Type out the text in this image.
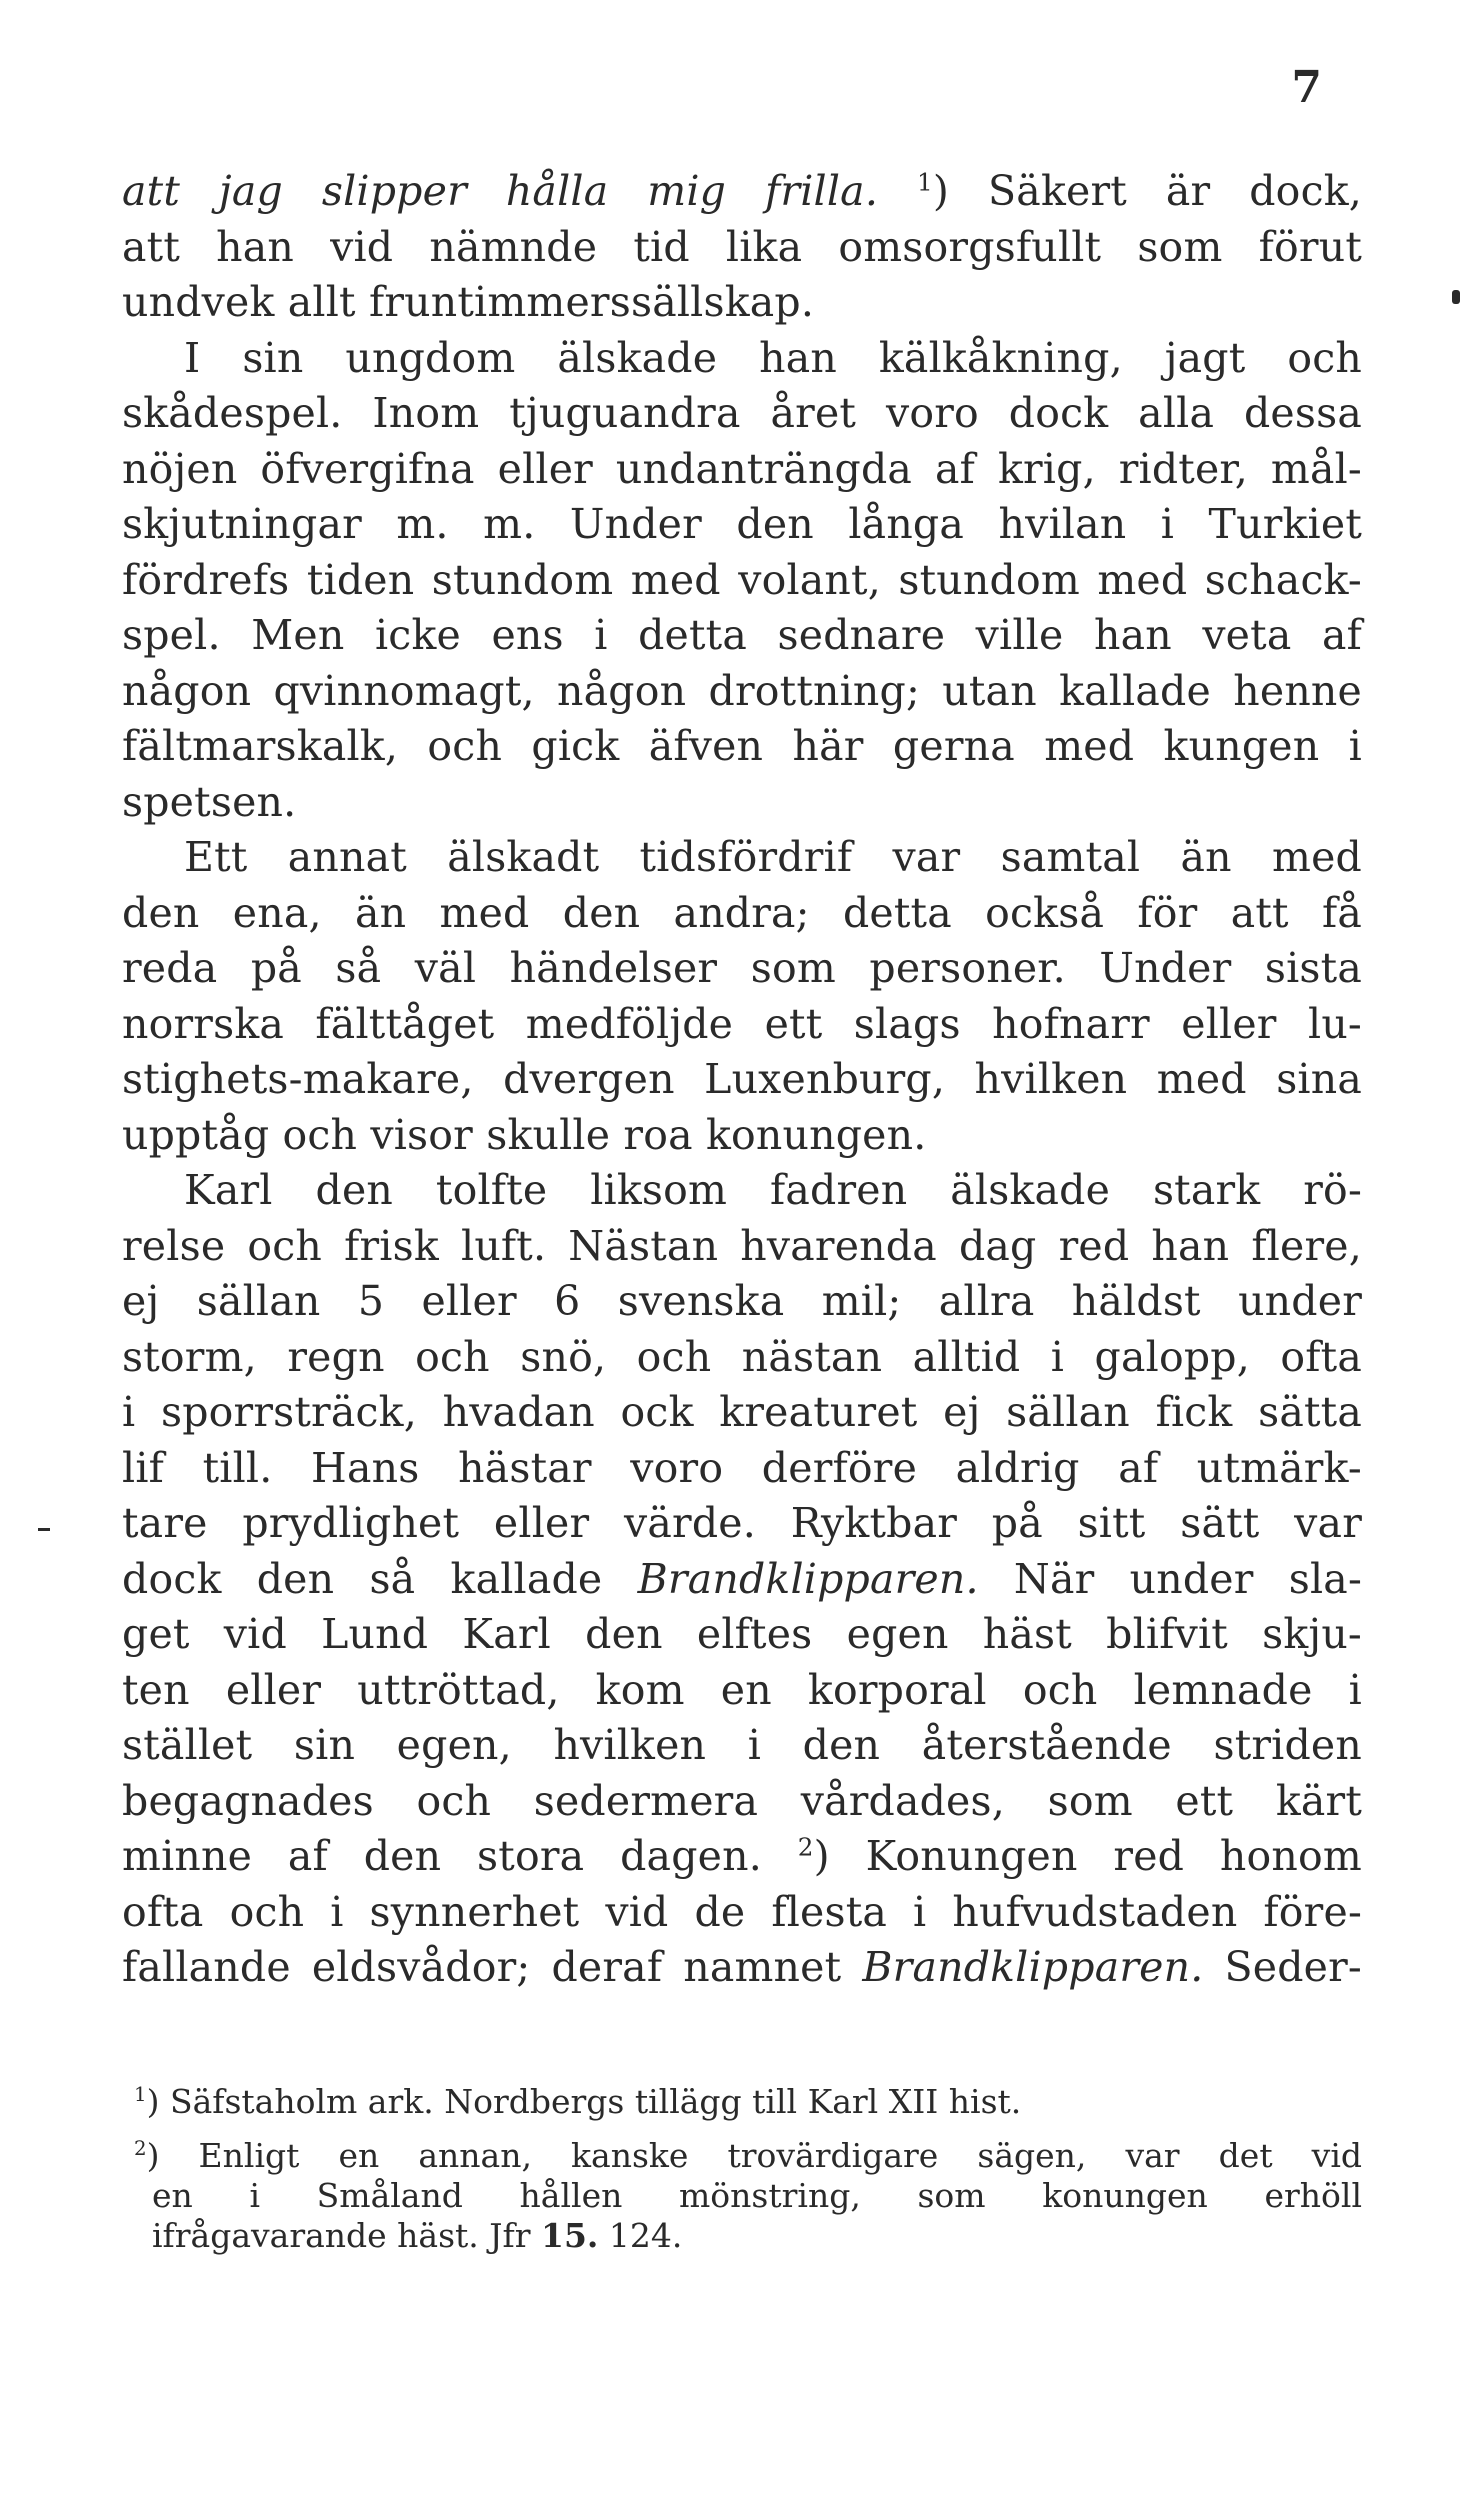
7
att jag slipper hålla mig frilla. $^1$) Säkert är dock,
att han vid nämnde tid lika omsorgsfullt som förut
undvek allt fruntimmerssällskap.
I sin ungdom älskade han kälkåkning, jagt och
skådespel. Inom tjuguandra året voro dock alla dessa
nöjen öfvergifna eller undanträngda af krig, ridter, mål-
skjutningar m. m. Under den långa hvilan i Turkiet
fördrefs tiden stundom med volant, stundom med schack-
spel. Men icke ens i detta sednare ville han veta af
någon qvinnomagt, någon drottning; utan kallade henne
fältmarskalk, och gick äfven här gerna med kungen i
spetsen.
Ett annat älskadt tidsfördrif var samtal än med
den ena, än med den andra; detta också för att få
reda på så väl händelser som personer. Under sista
norrska fälttåget medföljde ett slags hofnarr eller lu-
stighets-makare, dvergen Luxenburg, hvilken med sina
upptåg och visor skulle roa konungen.
Karl den tolfte liksom fadren älskade stark rö-
relse och frisk luft. Nästan hvarenda dag red han flere,
ej sällan 5 eller 6 svenska mil; allra häldst under
storm, regn och snö, och nästan alltid i galopp, ofta
i sporrsträck, hvadan ock kreaturet ej sällan fick sätta
lif till. Hans hästar voro derföre aldrig af utmärk-
tare prydlighet eller värde. Ryktbar på sitt sätt var
dock den så kallade Brandklipparen. När under sla-
get vid Lund Karl den elftes egen häst blifvit skju-
ten eller uttröttad, kom en korporal och lemnade i
stället sin egen, hvilken i den återstående striden
begagnades och sedermera vårdades, som ett kärt
minne af den stora dagen. $^2$) Konungen red honom
ofta och i synnerhet vid de flesta i hufvudstaden före-
fallande eldsvådor; deraf namnet Brandklipparen. Seder-
$^1$) Säfstaholm ark. Nordbergs tillägg till Karl XII hist.
$^2$) Enligt en annan, kanske trovärdigare sägen, var det vid
en i Småland hållen mönstring, som konungen erhöll
ifrågavarande häst. Jfr 15. 124.
